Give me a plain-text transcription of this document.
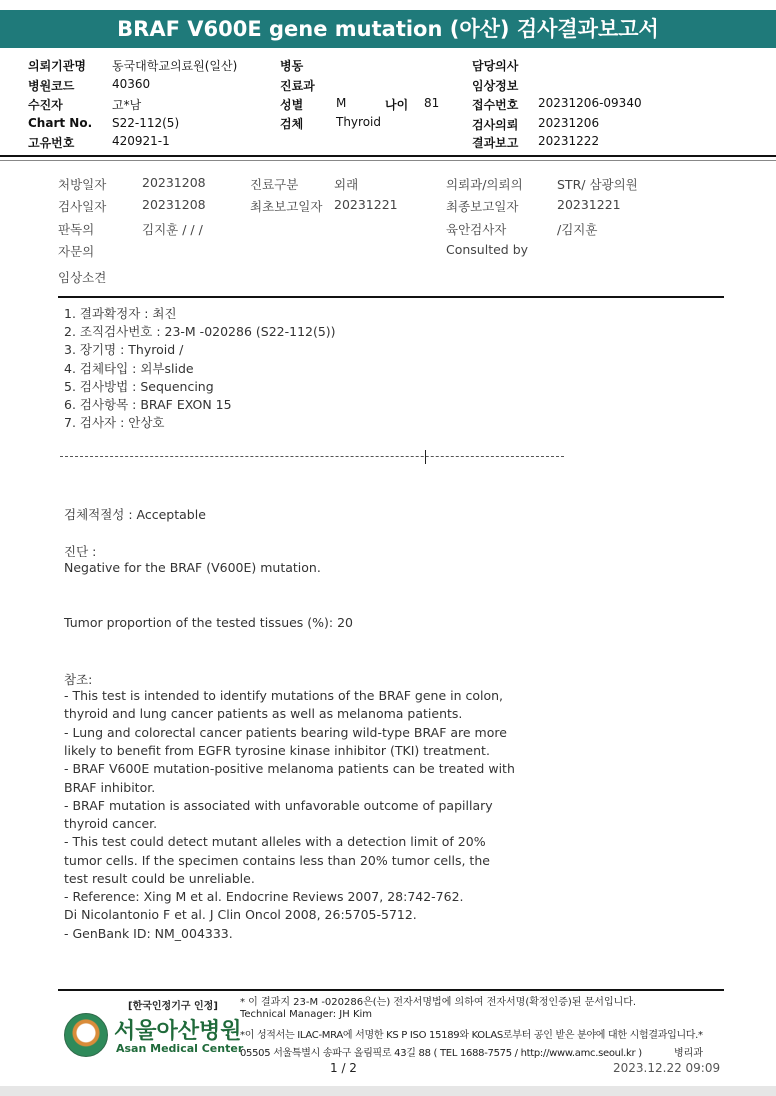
BRAF V600E gene mutation (아산) 검사결과보고서
의뢰기관명 동국대학교의료원(일산)
병원코드	40360
수진자	고*남
Chart No. S22-112(5)
고유번호	420921-1
병동
진료과
성별	M	나이 81
검체	Thyroid
담당의사
임상정보
접수번호 20231206-09340
검사의뢰 20231206
결과보고 20231222
처방일자	20231208
검사일자	20231208
판독의	김지훈 / / /
자문의
임상소견
진료구분	외래
최초보고일자 20231221
의뢰과/의뢰의	STR/ 삼광의원
최종보고일자	20231221
육안검사자	/김지훈
Consulted by
1. 결과확정자 : 최진
2. 조직검사번호 : 23-M -020286 (S22-112(5))
3. 장기명 : Thyroid /
4. 검체타입 : 외부slide
5. 검사방법 : Sequencing
6. 검사항목 : BRAF EXON 15
7. 검사자 : 안상호
검체적절성 : Acceptable
진단 :
Negative for the BRAF (V600E) mutation.
Tumor proportion of the tested tissues (%): 20
참조:
- This test is intended to identify mutations of the BRAF gene in colon,
thyroid and lung cancer patients as well as melanoma patients.
- Lung and colorectal cancer patients bearing wild-type BRAF are more
likely to benefit from EGFR tyrosine kinase inhibitor (TKI) treatment.
- BRAF V600E mutation-positive melanoma patients can be treated with
BRAF inhibitor.
- BRAF mutation is associated with unfavorable outcome of papillary
thyroid cancer.
- This test could detect mutant alleles with a detection limit of 20%
tumor cells. If the specimen contains less than 20% tumor cells, the
test result could be unreliable.
- Reference: Xing M et al. Endocrine Reviews 2007, 28:742-762.
Di Nicolantonio F et al. J Clin Oncol 2008, 26:5705-5712.
- GenBank ID: NM_004333.
[한국인정기구 인정] * 이 결과지 23-M -020286은(는) 전자서명법에 의하여 전자서명(확정인증)된 문서입니다.
Technical Manager: JH Kim
*이 성적서는 ILAC-MRA에 서명한 KS P ISO 15189와 KOLAS로부터 공인 받은 분야에 대한 시험결과입니다.*
05505 서울특별시 송파구 올림픽로 43길 88 ( TEL 1688-7575 / http://www.amc.seoul.kr )	병리과
서울아산병원
Asan Medical Center
1 / 2	2023.12.22 09:09
